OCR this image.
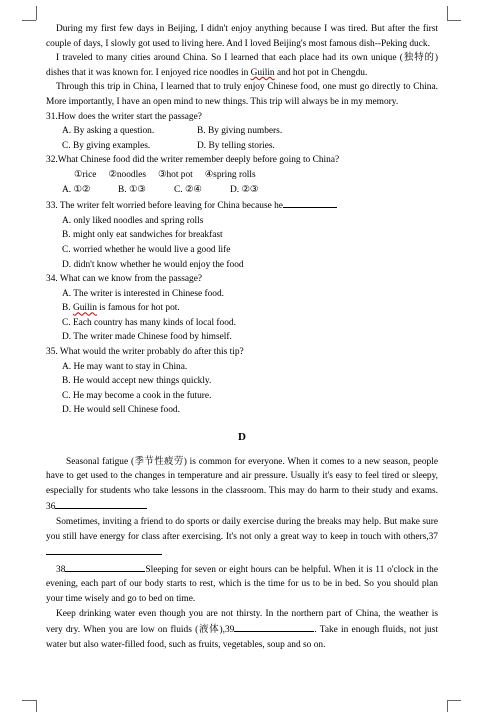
During my first few days in Beijing, I didn't enjoy anything because I was tired. But after the first couple of days, I slowly got used to living here. And I loved Beijing's most famous dish--Peking duck.

I traveled to many cities around China. So I learned that each place had its own unique (独特的) dishes that it was known for. I enjoyed rice noodles in Guilin and hot pot in Chengdu.

Through this trip in China, I learned that to truly enjoy Chinese food, one must go directly to China. More importantly, I have an open mind to new things. This trip will always be in my memory.

31.How does the writer start the passage?

A. By asking a question.	B. By giving numbers.
C. By giving examples.	D. By telling stories.

32.What Chinese food did the writer remember deeply before going to China?

①rice ②noodles ③hot pot ④spring rolls
A. ①②	B. ①③	C. ②④	D. ②③

33. The writer felt worried before leaving for China because he

A. only liked noodles and spring rolls

B. might only eat sandwiches for breakfast

C. worried whether he would live a good life

D. didn't know whether he would enjoy the food

34. What can we know from the passage?

A. The writer is interested in Chinese food.

B. Guilin is famous for hot pot.

C. Each country has many kinds of local food.

D. The writer made Chinese food by himself.

35. What would the writer probably do after this tip?

A. He may want to stay in China.

B. He would accept new things quickly.

C. He may become a cook in the future.

D. He would sell Chinese food.

D

Seasonal fatigue (季节性疲劳) is common for everyone. When it comes to a new season, people have to get used to the changes in temperature and air pressure. Usually it's easy to feel tired or sleepy, especially for students who take lessons in the classroom. This may do harm to their study and exams. 36

Sometimes, inviting a friend to do sports or daily exercise during the breaks may help. But make sure you still have energy for class after exercising. It's not only a great way to keep in touch with others,37

38	Sleeping for seven or eight hours can be helpful. When it is 11 o'clock in the evening, each part of our body starts to rest, which is the time for us to be in bed. So you should plan your time wisely and go to bed on time.

Keep drinking water even though you are not thirsty. In the northern part of China, the weather is very dry. When you are low on fluids (液体),39	. Take in enough fluids, not just water but also water-filled food, such as fruits, vegetables, soup and so on.
